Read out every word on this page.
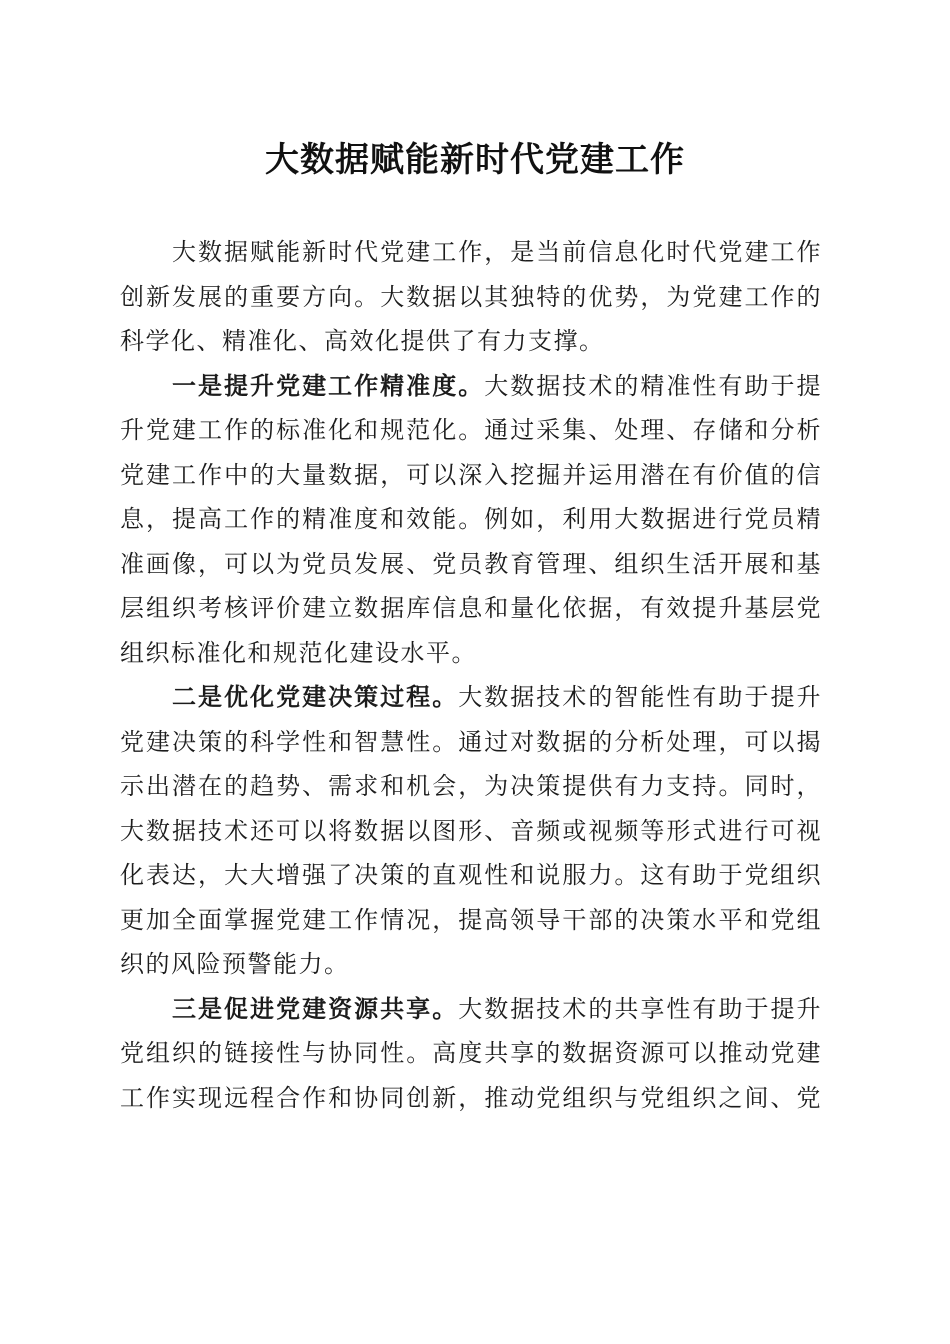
大数据赋能新时代党建工作
大数据赋能新时代党建工作，是当前信息化时代党建工作
创新发展的重要方向。大数据以其独特的优势，为党建工作的
科学化、精准化、高效化提供了有力支撑。
一是提升党建工作精准度。大数据技术的精准性有助于提
升党建工作的标准化和规范化。通过采集、处理、存储和分析
党建工作中的大量数据，可以深入挖掘并运用潜在有价值的信
息，提高工作的精准度和效能。例如，利用大数据进行党员精
准画像，可以为党员发展、党员教育管理、组织生活开展和基
层组织考核评价建立数据库信息和量化依据，有效提升基层党
组织标准化和规范化建设水平。
二是优化党建决策过程。大数据技术的智能性有助于提升
党建决策的科学性和智慧性。通过对数据的分析处理，可以揭
示出潜在的趋势、需求和机会，为决策提供有力支持。同时，
大数据技术还可以将数据以图形、音频或视频等形式进行可视
化表达，大大增强了决策的直观性和说服力。这有助于党组织
更加全面掌握党建工作情况，提高领导干部的决策水平和党组
织的风险预警能力。
三是促进党建资源共享。大数据技术的共享性有助于提升
党组织的链接性与协同性。高度共享的数据资源可以推动党建
工作实现远程合作和协同创新，推动党组织与党组织之间、党
